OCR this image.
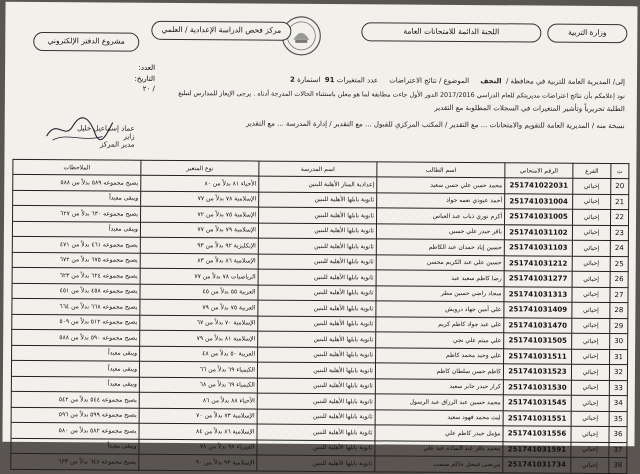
وزارة التربية
اللجنة الدائمة للامتحانات العامة
مركز فحص الدراسة الإعدادية / العلمي
مشروع الدفتر الإلكتروني
العدد:
التاريخ:
/ ٢٠
إلى/ المديرية العامة للتربية في محافظة /  النجف     الموضوع / نتائج الاعتراضات     عدد المتغيرات 91  استمارة 2
نود إعلامكم بأن نتائج اعتراضات مديريتكم للعام الدراسي 2017/2016 الدور الأول جاءت مطابقة لما هو معلن باستثناء الحالات المدرجة أدناه . يرجى الإيعاز للمدارس لتبليغ
الطلبة تحريرياً وتأشير المتغيرات في السجلات المطلوبة مع التقدير
نسخة منه / المديرية العامة للتقويم والامتحانات ... مع التقدير / المكتب المركزي للقبول ... مع التقدير / إدارة المدرسة ... مع التقدير
عماد إسماعيل خليل زاير
مدير المركز
ت	الفرع	الرقم الامتحاني	اسم الطالب	اسم المدرسة	نوع المتغير	الملاحظات
20	إحيائي	251741022031	محمد حسن علي حسن سعيد	إعدادية المنار الأهلية للبنين	الأحياء ٨١ بدلاً من ٨٠	يصبح مجموعه ٥٨٩ بدلاً من ٥٨٨
21	إحيائي	251741031004	أحمد عبودي نعمه جواد	ثانوية بابلها الأهلية للبنين	الإسلامية ٧٨ بدلاً من ٧٧	ويبقى معيداً
22	إحيائي	251741031005	أكرم نوري ذياب عبد العباس	ثانوية بابلها الأهلية للبنين	الإسلامية ٧٥ بدلاً من ٧٢	يصبح مجموعه ٦٣٠ بدلاً من ٦٢٧
23	إحيائي	251741031102	باقر حيدر علي حسين	ثانوية بابلها الأهلية للبنين	الإسلامية ٧٩ بدلاً من ٧٧	ويبقى معيداً
24	إحيائي	251741031103	حسين إياد حمدان عبد الكاظم	ثانوية بابلها الأهلية للبنين	الإنكليزية ٩٢ بدلاً من ٩٣	يصبح مجموعه ٤٦١ بدلاً من ٤٧١
25	إحيائي	251741031212	حسين علي عبد الكريم محسن	ثانوية بابلها الأهلية للبنين	الإسلامية ٨٦ بدلاً من ٨٣	يصبح مجموعه ٦٧٥ بدلاً من ٦٧٢
26	إحيائي	251741031277	رضا كاظم سعيد عبد	ثانوية بابلها الأهلية للبنين	الرياضيات ٧٨ بدلاً من ٧٧	يصبح مجموعه ٦٢٤ بدلاً من ٦٢٣
27	إحيائي	251741031313	سجاد راضي حسين مطر	ثانوية بابلها الأهلية للبنين	العربية ٥٥ بدلاً من ٤٥	يصبح مجموعه ٤٥٨ بدلاً من ٤٥١
28	إحيائي	251741031409	علي أمين جهاد درويش	ثانوية بابلها الأهلية للبنين	العربية ٧٥ بدلاً من ٧٩	يصبح مجموعه ٦٦٨ بدلاً من ٦٦٤
29	إحيائي	251741031470	علي عبد جواد كاظم كريم	ثانوية بابلها الأهلية للبنين	الإسلامية ٧٠ بدلاً من ٦٧	يصبح مجموعه ٥١٢ بدلاً من ٥٠٩
30	إحيائي	251741031505	علي ميثم علي نجي	ثانوية بابلها الأهلية للبنين	الإسلامية ٨١ بدلاً من ٧٩	يصبح مجموعه ٥٩٠ بدلاً من ٥٨٨
31	إحيائي	251741031511	علي وحيد محمد كاظم	ثانوية بابلها الأهلية للبنين	العربية ٥٠ بدلاً من ٤٨	ويبقى معيداً
32	إحيائي	251741031523	كاظم حسن سلطان كاظم	ثانوية بابلها الأهلية للبنين	الكيمياء ٦٩ بدلاً من ٦٦	ويبقى معيداً
33	إحيائي	251741031530	كرار حيدر جابر سعيد	ثانوية بابلها الأهلية للبنين	الكيمياء ٦٩ بدلاً من ٦٨	ويبقى معيداً
34	إحيائي	251741031545	محمد حسين عبد الرزاق عبد الرسول	ثانوية بابلها الأهلية للبنين	الأحياء ٨٨ بدلاً من ٨٦	يصبح مجموعه ٥٤٤ بدلاً من ٥٤٢
35	إحيائي	251741031551	ليث محمد فهود سعيد	ثانوية بابلها الأهلية للبنين	الإسلامية ٧٣ بدلاً من ٧٠	يصبح مجموعه ٥٩٩ بدلاً من ٥٩٦
36	إحيائي	251741031556	مؤمل حيدر كاظم علي	ثانوية بابلها الأهلية للبنين	الإسلامية ٨٦ بدلاً من ٨٤	يصبح مجموعه ٥٨٢ بدلاً من ٥٨٠
37	إحيائي	251741031591	محمد باقر عبد الساده عبد علي	ثانوية بابلها الأهلية للبنين	الفيزياء ٩٨ بدلاً من ٧٨	ويبقى معيداً
38	إحيائي	251741031734	مرتضى فيصل حاكم منصب	ثانوية بابلها الأهلية للبنين	الإسلامية ٩٣ بدلاً من ٩٠	يصبح مجموعه ٦٤٨ بدلاً من ٦٣٣
